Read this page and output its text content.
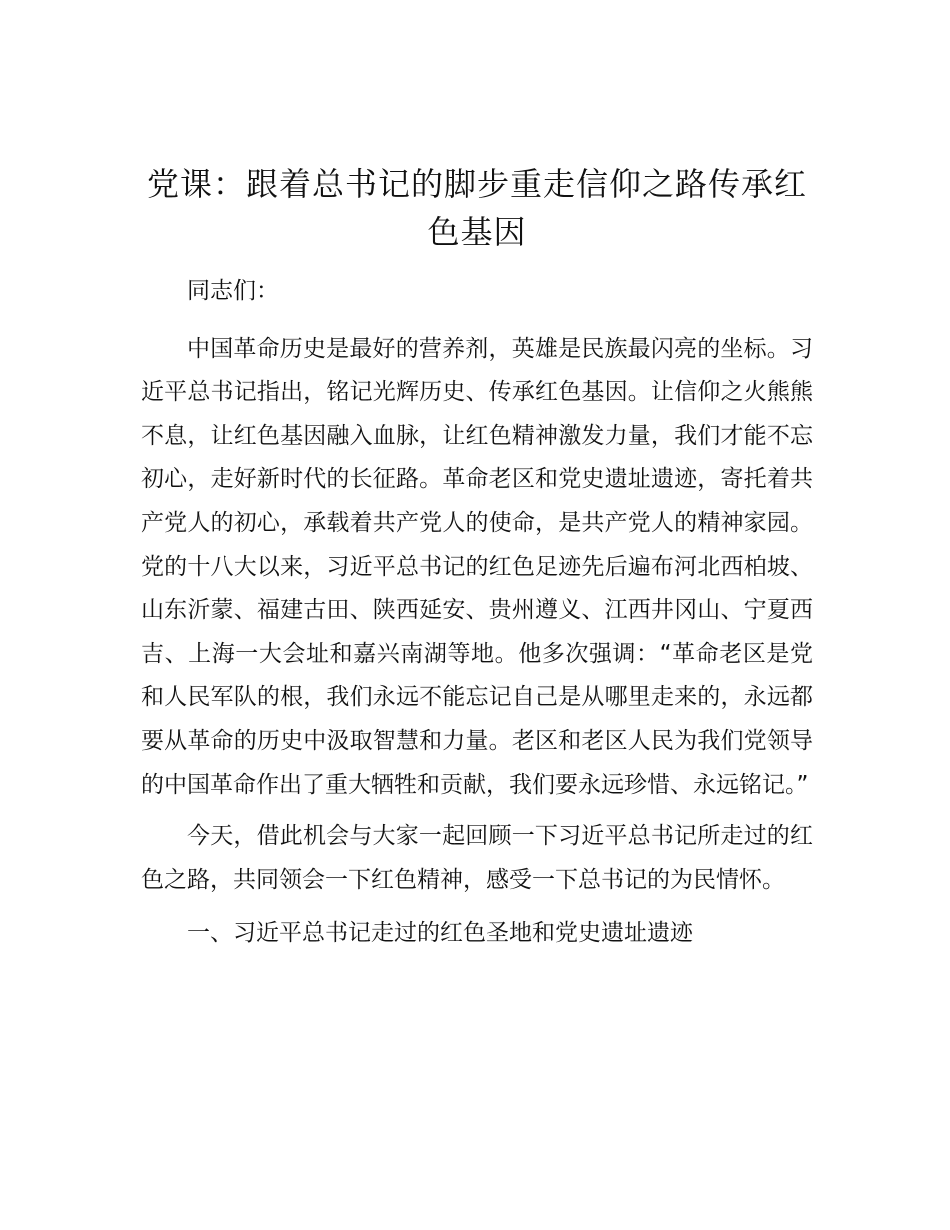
党课：跟着总书记的脚步重走信仰之路传承红色基因

同志们：

中国革命历史是最好的营养剂，英雄是民族最闪亮的坐标。习近平总书记指出，铭记光辉历史、传承红色基因。让信仰之火熊熊不息，让红色基因融入血脉，让红色精神激发力量，我们才能不忘初心，走好新时代的长征路。革命老区和党史遗址遗迹，寄托着共产党人的初心，承载着共产党人的使命，是共产党人的精神家园。党的十八大以来，习近平总书记的红色足迹先后遍布河北西柏坡、山东沂蒙、福建古田、陕西延安、贵州遵义、江西井冈山、宁夏西吉、上海一大会址和嘉兴南湖等地。他多次强调：“革命老区是党和人民军队的根，我们永远不能忘记自己是从哪里走来的，永远都要从革命的历史中汲取智慧和力量。老区和老区人民为我们党领导的中国革命作出了重大牺牲和贡献，我们要永远珍惜、永远铭记。”

今天，借此机会与大家一起回顾一下习近平总书记所走过的红色之路，共同领会一下红色精神，感受一下总书记的为民情怀。

一、习近平总书记走过的红色圣地和党史遗址遗迹
